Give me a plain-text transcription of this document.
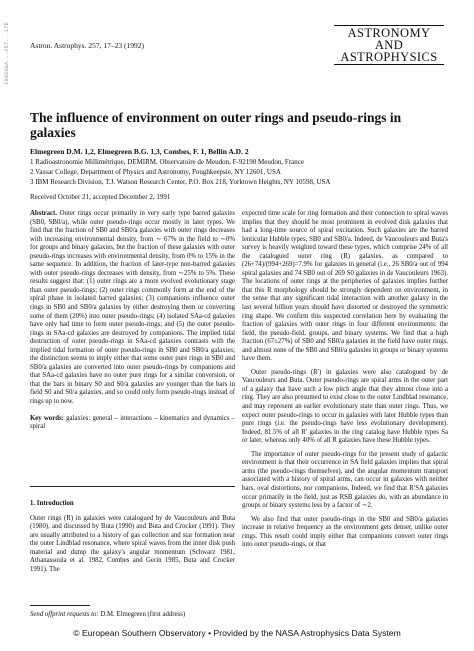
1992A&A...257...17E	Astron. Astrophys. 257, 17–23 (1992)
ASTRONOMY
AND
ASTROPHYSICS
The influence of environment on outer rings and pseudo-rings in galaxies
Elmegreen D.M. 1,2, Elmegreen B.G. 1,3, Combes, F. 1, Bellin A.D. 2
1 Radioastronomie Millimétrique, DEMIRM, Observatoire de Meudon, F-92190 Meudon, France
2 Vassar College, Department of Physics and Astronomy, Poughkeepsie, NY 12601, USA
3 IBM Research Division, T.J. Watson Research Center, P.O. Box 218, Yorktown Heights, NY 10598, USA
Received October 21, accepted December 2, 1991

Abstract. Outer rings occur primarily in very early type barred galaxies (SB0, SB0/a), while outer pseudo-rings occur mostly in later types. We find that the fraction of SB0 and SB0/a galaxies with outer rings decreases with increasing environmental density, from ∼ 67% in the field to ∼0% for groups and binary galaxies, but the fraction of these galaxies with outer pseudo-rings increases with environmental density, from 0% to 15% in the same sequence. In addition, the fraction of later-type non-barred galaxies with outer pseudo-rings decreases with density, from ∼25% to 5%. These results suggest that: (1) outer rings are a more evolved evolutionary stage than outer pseudo-rings; (2) outer rings commonly form at the end of the spiral phase in isolated barred galaxies; (3) companions influence outer rings in SB0 and SB0/a galaxies by either destroying them or converting some of them (20%) into outer pseudo-rings; (4) isolated SAa-cd galaxies have only had time to form outer pseudo-rings; and (5) the outer pseudo-rings in SAa-cd galaxies are destroyed by companions. The implied tidal destruction of outer pseudo-rings in SAa-cd galaxies contrasts with the implied tidal formation of outer pseudo-rings in SB0 and SB0/a galaxies; the distinction seems to imply either that some outer pure rings in SB0 and SB0/a galaxies are converted into outer pseudo-rings by companions and that SAa-cd galaxies have no outer pure rings for a similar conversion, or that the bars in binary S0 and S0/a galaxies are younger than the bars in field S0 and S0/a galaxies, and so could only form pseudo-rings instead of rings up to now.

Key words: galaxies: general – interactions – kinematics and dynamics – spiral

1. Introduction

Outer rings (R) in galaxies were catalogued by de Vaucouleurs and Buta (1980), and discussed by Buta (1990) and Buta and Crocker (1991). They are usually attributed to a history of gas collection and star formation near the outer Lindblad resonance, where spiral waves from the inner disk push material and dump the galaxy's angular momentum (Schwarz 1981, Athanassoula et al. 1982, Combes and Gerin 1985, Buta and Crocker 1991). The

Send offprint requests to: D.M. Elmegreen (first address)

expected time scale for ring formation and their connection to spiral waves implies that they should be most prominent in evolved disk galaxies that had a long-time source of spiral excitation. Such galaxies are the barred lenticular Hubble types, SB0 and SB0/a. Indeed, de Vaucouleurs and Buta's survey is heavily weighted toward these types, which comprise 24% of all the catalogued outer ring (R) galaxies, as compared to (26+74)/(994+269)=7.9% for galaxies in general (i.e., 26 SB0/a out of 994 spiral galaxies and 74 SB0 out of 269 S0 galaxies in de Vaucouleurs 1963). The locations of outer rings at the peripheries of galaxies implies further that this R morphology should be strongly dependent on environment, in the sense that any significant tidal interaction with another galaxy in the last several billion years should have distorted or destroyed the symmetric ring shape. We confirm this suspected correlation here by evaluating the fraction of galaxies with outer rings in four different environments: the field, the pseudo-field, groups, and binary systems. We find that a high fraction (67±27%) of SB0 and SB0/a galaxies in the field have outer rings, and almost none of the SB0 and SB0/a galaxies in groups or binary systems have them.

Outer pseudo-rings (R′) in galaxies were also catalogued by de Vaucouleurs and Buta. Outer pseudo-rings are spiral arms in the outer part of a galaxy that have such a low pitch angle that they almost close into a ring. They are also presumed to exist close to the outer Lindblad resonance, and may represent an earlier evolutionary state than outer rings. Thus, we expect outer pseudo-rings to occur in galaxies with later Hubble types than pure rings (i.e. the pseudo-rings have less evolutionary development). Indeed, 81.5% of all R′ galaxies in the ring catalog have Hubble types Sa or later, whereas only 40% of all R galaxies have these Hubble types.

The importance of outer pseudo-rings for the present study of galactic environment is that their occurrence in SA field galaxies implies that spiral arms (the pseudo-rings themselves), and the angular momentum transport associated with a history of spiral arms, can occur in galaxies with neither bars, oval distortions, nor companions. Indeed, we find that R′SA galaxies occur primarily in the field, just as RSB galaxies do, with an abundance in groups or binary systems less by a factor of ∼2.

We also find that outer pseudo-rings in the SB0 and SB0/a galaxies increase in relative frequency as the environment gets denser, unlike outer rings. This result could imply either that companions convert outer rings into outer pseudo-rings, or that

© European Southern Observatory • Provided by the NASA Astrophysics Data System
